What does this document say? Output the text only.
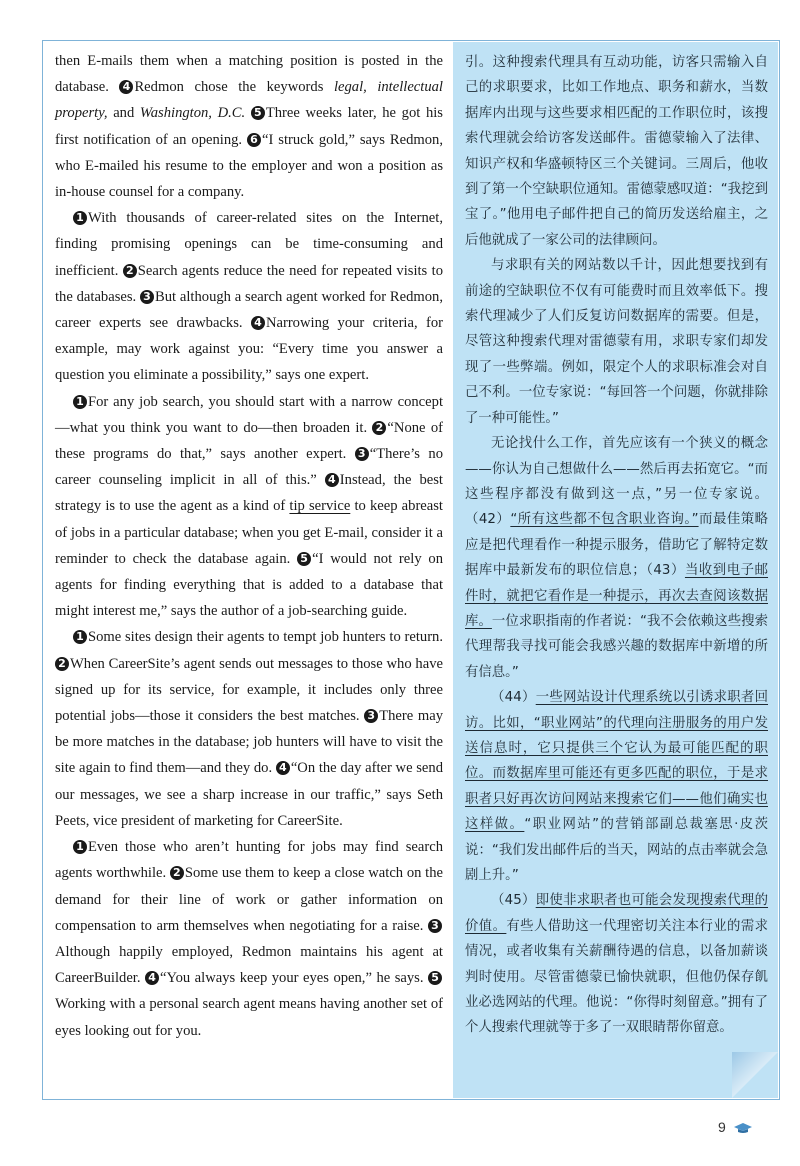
then E-mails them when a matching position is posted in the database. 4 Redmon chose the keywords legal, intellectual property, and Washington, D.C. 5 Three weeks later, he got his first notification of an opening. 6 “I struck gold,” says Redmon, who E-mailed his resume to the employer and won a position as in-house counsel for a company.

1 With thousands of career-related sites on the Internet, finding promising openings can be time-consuming and inefficient. 2 Search agents reduce the need for repeated visits to the databases. 3 But although a search agent worked for Redmon, career experts see drawbacks. 4 Narrowing your criteria, for example, may work against you: “Every time you answer a question you eliminate a possibility,” says one expert.

1 For any job search, you should start with a narrow concept—what you think you want to do—then broaden it. 2 “None of these programs do that,” says another expert. 3 “There’s no career counseling implicit in all of this.” 4 Instead, the best strategy is to use the agent as a kind of tip service to keep abreast of jobs in a particular database; when you get E-mail, consider it a reminder to check the database again. 5 “I would not rely on agents for finding everything that is added to a database that might interest me,” says the author of a job-searching guide.

1 Some sites design their agents to tempt job hunters to return. 2 When CareerSite’s agent sends out messages to those who have signed up for its service, for example, it includes only three potential jobs—those it considers the best matches. 3 There may be more matches in the database; job hunters will have to visit the site again to find them—and they do. 4 “On the day after we send our messages, we see a sharp increase in our traffic,” says Seth Peets, vice president of marketing for CareerSite.

1 Even those who aren’t hunting for jobs may find search agents worthwhile. 2 Some use them to keep a close watch on the demand for their line of work or gather information on compensation to arm themselves when negotiating for a raise. 3Although happily employed, Redmon maintains his agent at CareerBuilder. 4 “You always keep your eyes open,” he says. 5Working with a personal search agent means having another set of eyes looking out for you.

引。这种搜索代理具有互动功能，访客只需输入自己的求职要求，比如工作地点、职务和薪水，当数据库内出现与这些要求相匹配的工作职位时，该搜索代理就会给访客发送邮件。雷德蒙输入了法律、知识产权和华盛顿特区三个关键词。三周后，他收到了第一个空缺职位通知。雷德蒙感叹道：“我挖到宝了。”他用电子邮件把自己的简历发送给雇主，之后他就成了一家公司的法律顾问。

与求职有关的网站数以千计，因此想要找到有前途的空缺职位不仅有可能费时而且效率低下。搜索代理减少了人们反复访问数据库的需要。但是，尽管这种搜索代理对雷德蒙有用，求职专家们却发现了一些弊端。例如，限定个人的求职标准会对自己不利。一位专家说：“每回答一个问题，你就排除了一种可能性。”

无论找什么工作，首先应该有一个狭义的概念——你认为自己想做什么——然后再去拓宽它。“而这些程序都没有做到这一点，”另一位专家说。（42）“所有这些都不包含职业咨询。”而最佳策略应是把代理看作一种提示服务，借助它了解特定数据库中最新发布的职位信息；（43）当收到电子邮件时，就把它看作是一种提示，再次去查阅该数据库。一位求职指南的作者说：“我不会依赖这些搜索代理帮我寻找可能会我感兴趣的数据库中新增的所有信息。”

（44）一些网站设计代理系统以引诱求职者回访。比如，“职业网站”的代理向注册服务的用户发送信息时，它只提供三个它认为最可能匹配的职位。而数据库里可能还有更多匹配的职位，于是求职者只好再次访问网站来搜索它们——他们确实也这样做。“职业网站”的营销部副总裁塞思·皮茨说：“我们发出邮件后的当天，网站的点击率就会急剧上升。”

（45）即使非求职者也可能会发现搜索代理的价值。有些人借助这一代理密切关注本行业的需求情况，或者收集有关薪酬待遇的信息，以备加薪谈判时使用。尽管雷德蒙已愉快就职，但他仍保存飢业必选网站的代理。他说：“你得时刻留意。”拥有了个人搜索代理就等于多了一双眼睛帮你留意。

9
